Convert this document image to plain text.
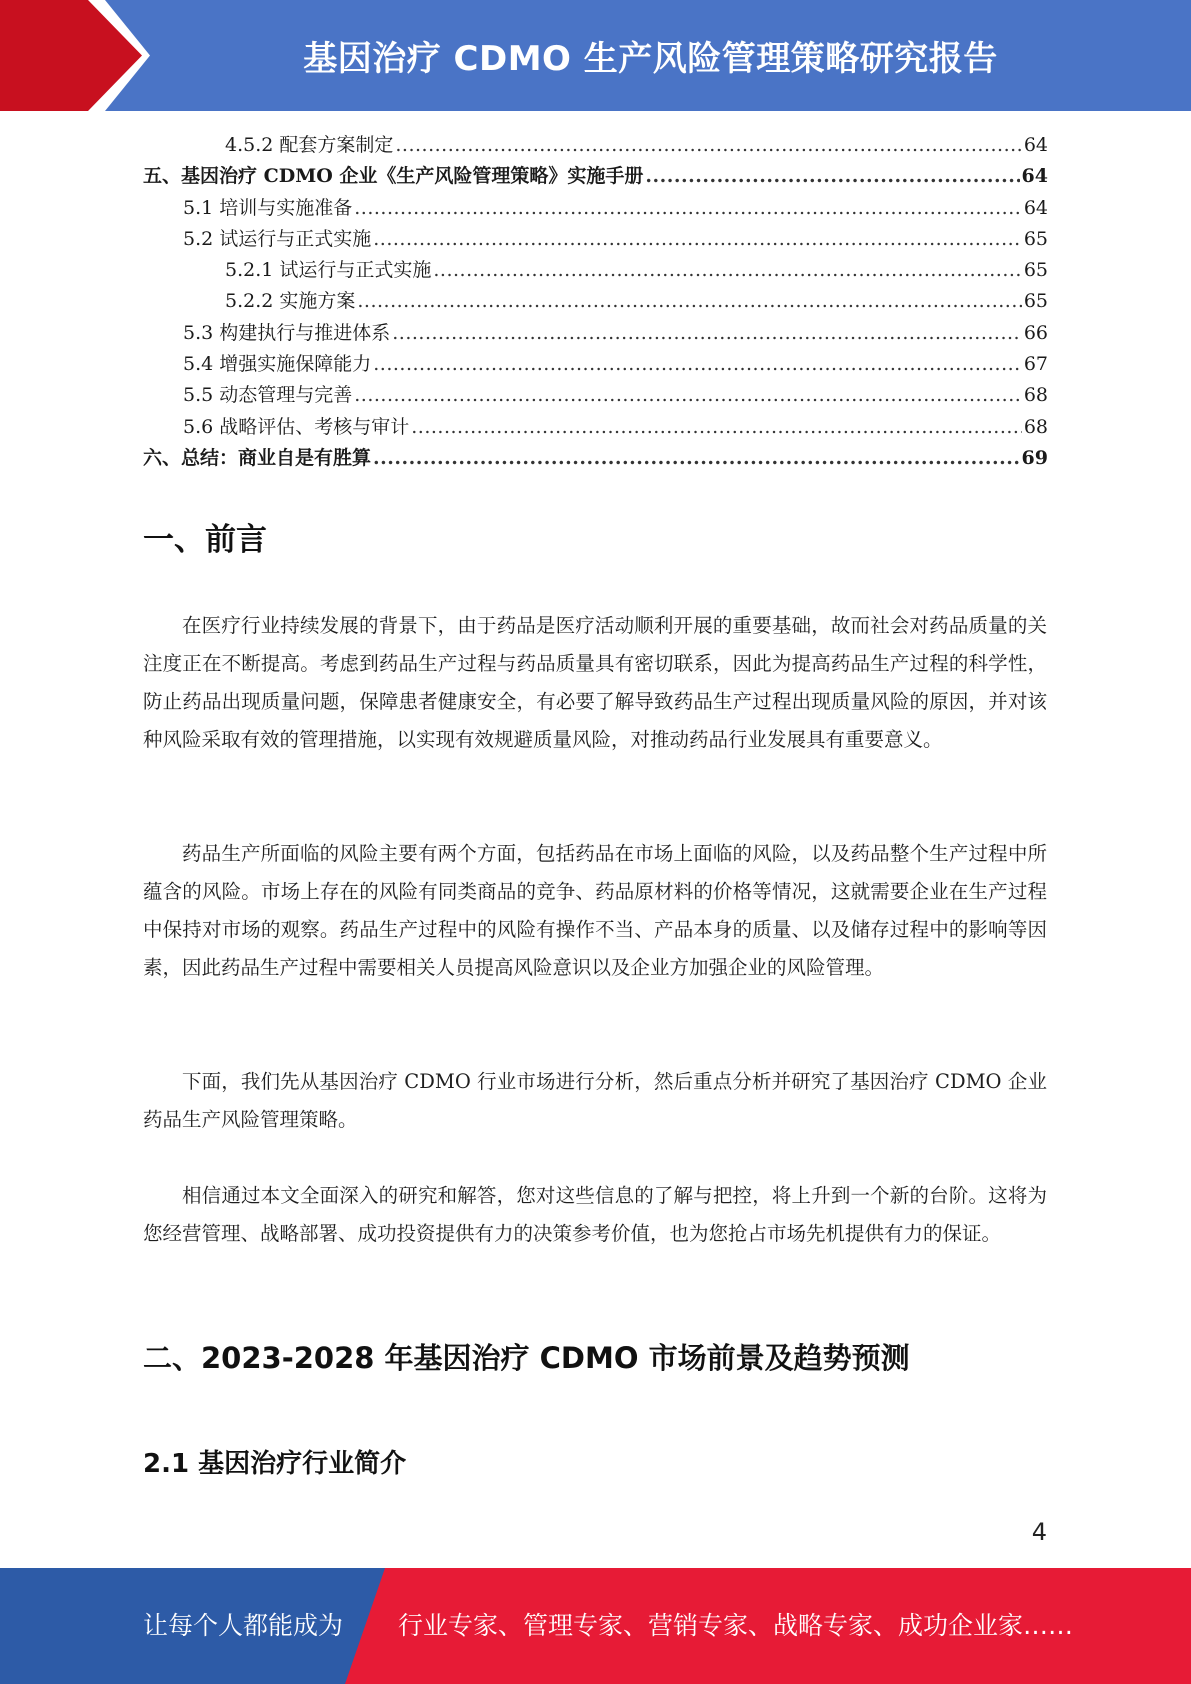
基因治疗 CDMO 生产风险管理策略研究报告
4.5.2 配套方案制定 .....	64
五、基因治疗 CDMO 企业《生产风险管理策略》实施手册 .....	64
5.1 培训与实施准备 .....	64
5.2 试运行与正式实施 .....	65
5.2.1 试运行与正式实施 .....	65
5.2.2 实施方案 .....	65
5.3 构建执行与推进体系 .....	66
5.4 增强实施保障能力 .....	67
5.5 动态管理与完善 .....	68
5.6 战略评估、考核与审计 .....	68
六、总结：商业自是有胜算 .....	69
一、前言

在医疗行业持续发展的背景下，由于药品是医疗活动顺利开展的重要基础，故而社会对药品质量的关注度正在不断提高。考虑到药品生产过程与药品质量具有密切联系，因此为提高药品生产过程的科学性，防止药品出现质量问题，保障患者健康安全，有必要了解导致药品生产过程出现质量风险的原因，并对该种风险采取有效的管理措施，以实现有效规避质量风险，对推动药品行业发展具有重要意义。

药品生产所面临的风险主要有两个方面，包括药品在市场上面临的风险，以及药品整个生产过程中所蕴含的风险。市场上存在的风险有同类商品的竞争、药品原材料的价格等情况，这就需要企业在生产过程中保持对市场的观察。药品生产过程中的风险有操作不当、产品本身的质量、以及储存过程中的影响等因素，因此药品生产过程中需要相关人员提高风险意识以及企业方加强企业的风险管理。

下面，我们先从基因治疗 CDMO 行业市场进行分析，然后重点分析并研究了基因治疗 CDMO 企业药品生产风险管理策略。

相信通过本文全面深入的研究和解答，您对这些信息的了解与把控，将上升到一个新的台阶。这将为您经营管理、战略部署、成功投资提供有力的决策参考价值，也为您抢占市场先机提供有力的保证。

二、2023-2028 年基因治疗 CDMO 市场前景及趋势预测
2.1 基因治疗行业简介
4
让每个人都能成为 行业专家、管理专家、营销专家、战略专家、成功企业家……
